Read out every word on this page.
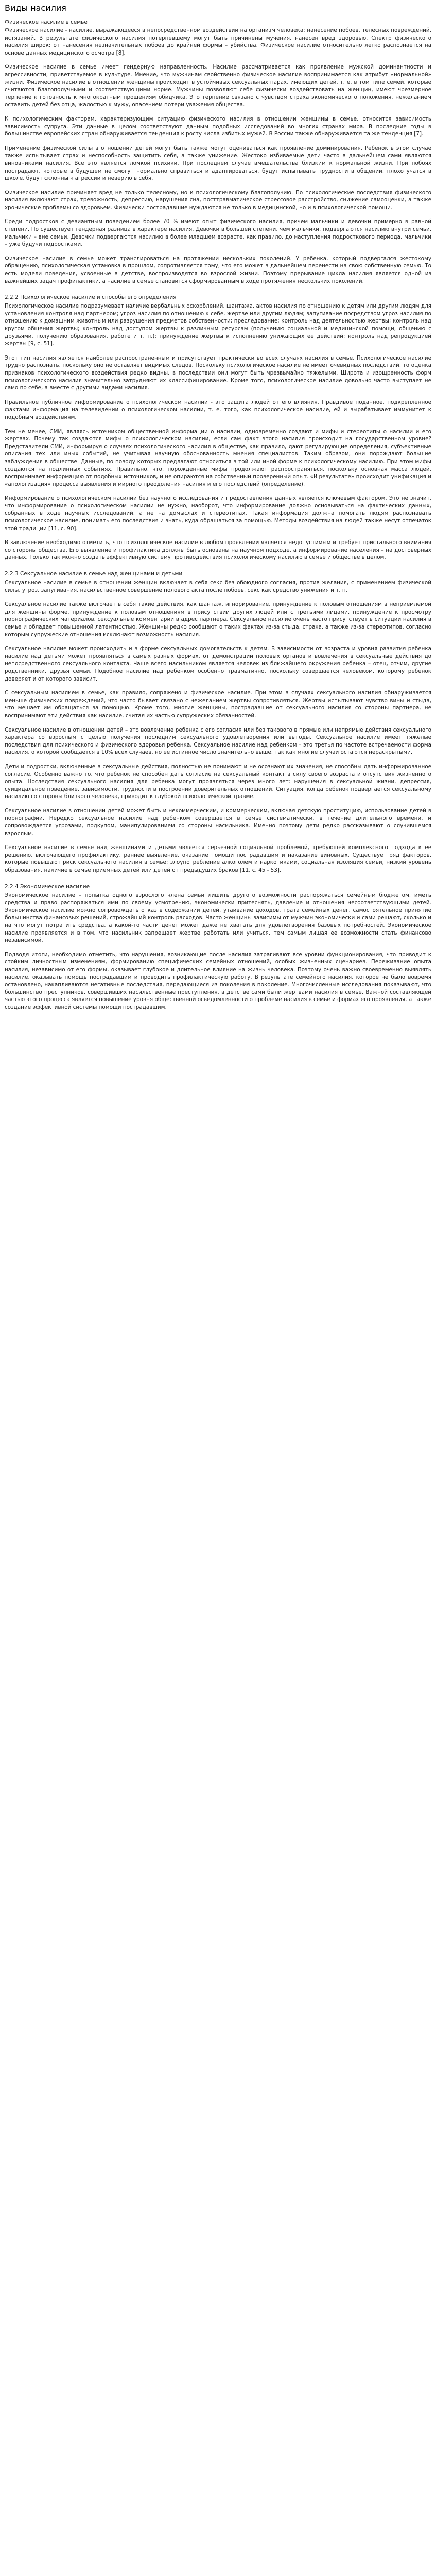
Виды насилия
Физическое насилие в семье

Физическое насилие - насилие, выражающееся в непосредственном воздействии на организм человека; нанесение побоев, телесных повреждений, истязаний. В результате физического насилия потерпевшему могут быть причинены мучения, нанесен вред здоровью. Спектр физического насилия широк: от нанесения незначительных побоев до крайней формы – убийства. Физическое насилие относительно легко распознается на основе данных медицинского осмотра [8].

Физическое насилие в семье имеет гендерную направленность. Насилие рассматривается как проявление мужской доминантности и агрессивности, приветствуемое в культуре. Мнение, что мужчинам свойственно физическое насилие воспринимается как атрибут «нормальной» жизни. Физическое насилие в отношении женщины происходит в устойчивых сексуальных парах, имеющих детей, т. е. в том типе семей, которые считаются благополучными и соответствующими норме. Мужчины позволяют себе физически воздействовать на женщин, имеют чрезмерное терпение к готовность к многократным прощениям обидчика. Это терпение связано с чувством страха экономического положения, нежеланием оставить детей без отца, жалостью к мужу, опасением потери уважения общества.

К психологическим факторам, характеризующим ситуацию физического насилия в отношении женщины в семье, относится зависимость зависимость супруга. Эти данные в целом соответствуют данным подобных исследований во многих странах мира. В последние годы в большинстве европейских стран обнаруживается тенденция к росту числа избитых мужей. В России также обнаруживается та же тенденция [7].

Применение физической силы в отношении детей могут быть также могут оцениваться как проявление доминирования. Ребенок в этом случае также испытывает страх и неспособность защитить себя, а также унижение. Жестоко избиваемые дети часто в дальнейшем сами являются виновниками насилия. Все это является ломкой психики. При последнем случае вмешательства близким к нормальной жизни. При побоях пострадают, которые в будущем не смогут нормально справиться и адаптироваться, будут испытывать трудности в общении, плохо учатся в школе, будут склонны к агрессии и неверию в себя.

Физическое насилие причиняет вред не только телесному, но и психологическому благополучию. По психологические последствия физического насилия включают страх, тревожность, депрессию, нарушения сна, посттравматическое стрессовое расстройство, снижение самооценки, а также хронические проблемы со здоровьем. Физически пострадавшие нуждаются не только в медицинской, но и в психологической помощи.

Среди подростков с девиантным поведением более 70 % имеют опыт физического насилия, причем мальчики и девочки примерно в равной степени. По существует гендерная разница в характере насилия. Девочки в большей степени, чем мальчики, подвергаются насилию внутри семьи, мальчики – вне семьи. Девочки подвергаются насилию в более младшем возрасте, как правило, до наступления подросткового периода, мальчики – уже будучи подростками.

Физическое насилие в семье может транслироваться на протяжении нескольких поколений. У ребенка, который подвергался жестокому обращению, психологическая установка в прошлом, сопротивляется тому, что его может в дальнейшем перенести на свою собственную семью. То есть модели поведения, усвоенные в детстве, воспроизводятся во взрослой жизни. Поэтому прерывание цикла насилия является одной из важнейших задач профилактики, а насилие в семье становится сформированным в ходе протяжения нескольких поколений.

2.2.2 Психологическое насилие и способы его определения

Психологическое насилие подразумевает наличие вербальных оскорблений, шантажа, актов насилия по отношению к детям или другим людям для установления контроля над партнером; угроз насилия по отношению к себе, жертве или другим людям; запугивание посредством угроз насилия по отношению к домашним животным или разрушения предметов собственности; преследование; контроль над деятельностью жертвы; контроль над кругом общения жертвы; контроль над доступом жертвы к различным ресурсам (получению социальной и медицинской помощи, общению с друзьями, получению образования, работе и т. п.); принуждение жертвы к исполнению унижающих ее действий; контроль над репродукцией жертвы [9, с. 51].

Этот тип насилия является наиболее распространенным и присутствует практически во всех случаях насилия в семье. Психологическое насилие трудно распознать, поскольку оно не оставляет видимых следов. Поскольку психологическое насилие не имеет очевидных последствий, то оценка признаков психологического воздействия редко видны, в последствии они могут быть чрезвычайно тяжелыми. Широта и изощренность форм психологического насилия значительно затрудняют их классифицирование. Кроме того, психологическое насилие довольно часто выступает не само по себе, а вместе с другими видами насилия.

Правильное публичное информирование о психологическом насилии - это защита людей от его влияния. Правдивое поданное, подкрепленное фактами информация на телевидении о психологическом насилии, т. е. того, как психологическое насилие, ей и вырабатывает иммунитет к подобным воздействиям.

Тем не менее, СМИ, являясь источником общественной информации о насилии, одновременно создают и мифы и стереотипы о насилии и его жертвах. Почему так создаются мифы о психологическом насилии, если сам факт этого насилия происходит на государственном уровне? Представители СМИ, информируя о случаях психологического насилия в обществе, как правило, дают регулирующие определения, субъективные описания тех или иных событий, не учитывая научную обоснованность мнения специалистов. Таким образом, они порождают большие заблуждения в обществе. Данные, по поводу которых предлагают относиться в той или иной форме к психологическому насилию. При этом мифы создаются на подлинных событиях. Правильно, что, порожденные мифы продолжают распространяться, поскольку основная масса людей, воспринимает информацию от подобных источников, и не опираются на собственный проверенный опыт. «В результате» происходит унификация и «апологизация» процесса выявления и мирного преодоления насилия и его последствий (определение).

Информирование о психологическом насилии без научного исследования и предоставления данных является ключевым фактором. Это не значит, что информирование о психологическом насилии не нужно, наоборот, что информирование должно основываться на фактических данных, собранных в ходе научных исследований, а не на домыслах и стереотипах. Такая информация должна помогать людям распознавать психологическое насилие, понимать его последствия и знать, куда обращаться за помощью. Методы воздействия на людей также несут отпечаток этой традиции [11, c. 90].

В заключение необходимо отметить, что психологическое насилие в любом проявлении является недопустимым и требует пристального внимания со стороны общества. Его выявление и профилактика должны быть основаны на научном подходе, а информирование населения – на достоверных данных. Только так можно создать эффективную систему противодействия психологическому насилию в семье и обществе в целом.

2.2.3 Сексуальное насилие в семье над женщинами и детьми

Сексуальное насилие в семье в отношении женщин включает в себя секс без обоюдного согласия, против желания, с применением физической силы, угроз, запугивания, насильственное совершение полового акта после побоев, секс как средство унижения и т. п.

Сексуальное насилие также включает в себя такие действия, как шантаж, игнорирование, принуждение к половым отношениям в неприемлемой для женщины форме, принуждение к половым отношениям в присутствии других людей или с третьими лицами, принуждение к просмотру порнографических материалов, сексуальные комментарии в адрес партнера. Сексуальное насилие очень часто присутствует в ситуации насилия в семье и обладает повышенной латентностью. Женщины редко сообщают о таких фактах из-за стыда, страха, а также из-за стереотипов, согласно которым супружеские отношения исключают возможность насилия.

Сексуальное насилие может происходить и в форме сексуальных домогательств к детям. В зависимости от возраста и уровня развития ребенка насилие над детьми может проявляться в самых разных формах, от демонстрации половых органов и вовлечения в сексуальные действия до непосредственного сексуального контакта. Чаще всего насильником является человек из ближайшего окружения ребенка – отец, отчим, другие родственники, друзья семьи. Подобное насилие над ребенком особенно травматично, поскольку совершается человеком, которому ребенок доверяет и от которого зависит.

С сексуальным насилием в семье, как правило, сопряжено и физическое насилие. При этом в случаях сексуального насилия обнаруживается меньше физических повреждений, что часто бывает связано с нежеланием жертвы сопротивляться. Жертвы испытывают чувство вины и стыда, что мешает им обращаться за помощью. Кроме того, многие женщины, пострадавшие от сексуального насилия со стороны партнера, не воспринимают эти действия как насилие, считая их частью супружеских обязанностей.

Сексуальное насилие в отношении детей – это вовлечение ребенка с его согласия или без такового в прямые или непрямые действия сексуального характера со взрослым с целью получения последним сексуального удовлетворения или выгоды. Сексуальное насилие имеет тяжелые последствия для психического и физического здоровья ребенка. Сексуальное насилие над ребенком – это третья по частоте встречаемости форма насилия, о которой сообщается в 10% всех случаев, но ее истинное число значительно выше, так как многие случаи остаются нераскрытыми.

Дети и подростки, включенные в сексуальные действия, полностью не понимают и не осознают их значения, не способны дать информированное согласие. Особенно важно то, что ребенок не способен дать согласие на сексуальный контакт в силу своего возраста и отсутствия жизненного опыта. Последствия сексуального насилия для ребенка могут проявляться через много лет: нарушения в сексуальной жизни, депрессия, суицидальное поведение, зависимости, трудности в построении доверительных отношений. Ситуация, когда ребенок подвергается сексуальному насилию со стороны близкого человека, приводит к глубокой психологической травме.

Сексуальное насилие в отношении детей может быть и некоммерческим, и коммерческим, включая детскую проституцию, использование детей в порнографии. Нередко сексуальное насилие над ребенком совершается в семье систематически, в течение длительного времени, и сопровождается угрозами, подкупом, манипулированием со стороны насильника. Именно поэтому дети редко рассказывают о случившемся взрослым.

Сексуальное насилие в семье над женщинами и детьми является серьезной социальной проблемой, требующей комплексного подхода к ее решению, включающего профилактику, раннее выявление, оказание помощи пострадавшим и наказание виновных. Существует ряд факторов, которые повышают риск сексуального насилия в семье: злоупотребление алкоголем и наркотиками, социальная изоляция семьи, низкий уровень образования, наличие в семье приемных детей или детей от предыдущих браков [11, c. 45 - 53].

2.2.4 Экономическое насилие

Экономическое насилие – попытка одного взрослого члена семьи лишить другого возможности распоряжаться семейным бюджетом, иметь средства и право распоряжаться ими по своему усмотрению, экономически притеснять, давление и отношения несоответствующими детей. Экономическое насилие можно сопровождать отказ в содержании детей, утаивание доходов, трата семейных денег, самостоятельное принятие большинства финансовых решений, строжайший контроль расходов. Часто женщины зависимы от мужчин экономически и сами решают, сколько и на что могут потратить средства, а какой-то части денег может даже не хватать для удовлетворения базовых потребностей. Экономическое насилие проявляется и в том, что насильник запрещает жертве работать или учиться, тем самым лишая ее возможности стать финансово независимой.

Подводя итоги, необходимо отметить, что нарушения, возникающие после насилия затрагивают все уровни функционирования, что приводит к стойким личностным изменениям, формированию специфических семейных отношений, особых жизненных сценариев. Переживание опыта насилия, независимо от его формы, оказывает глубокое и длительное влияние на жизнь человека. Поэтому очень важно своевременно выявлять насилие, оказывать помощь пострадавшим и проводить профилактическую работу. В результате семейного насилия, которое не было вовремя остановлено, накапливаются негативные последствия, передающиеся из поколения в поколение. Многочисленные исследования показывают, что большинство преступников, совершивших насильственные преступления, в детстве сами были жертвами насилия в семье. Важной составляющей частью этого процесса является повышение уровня общественной осведомленности о проблеме насилия в семье и формах его проявления, а также создание эффективной системы помощи пострадавшим.
